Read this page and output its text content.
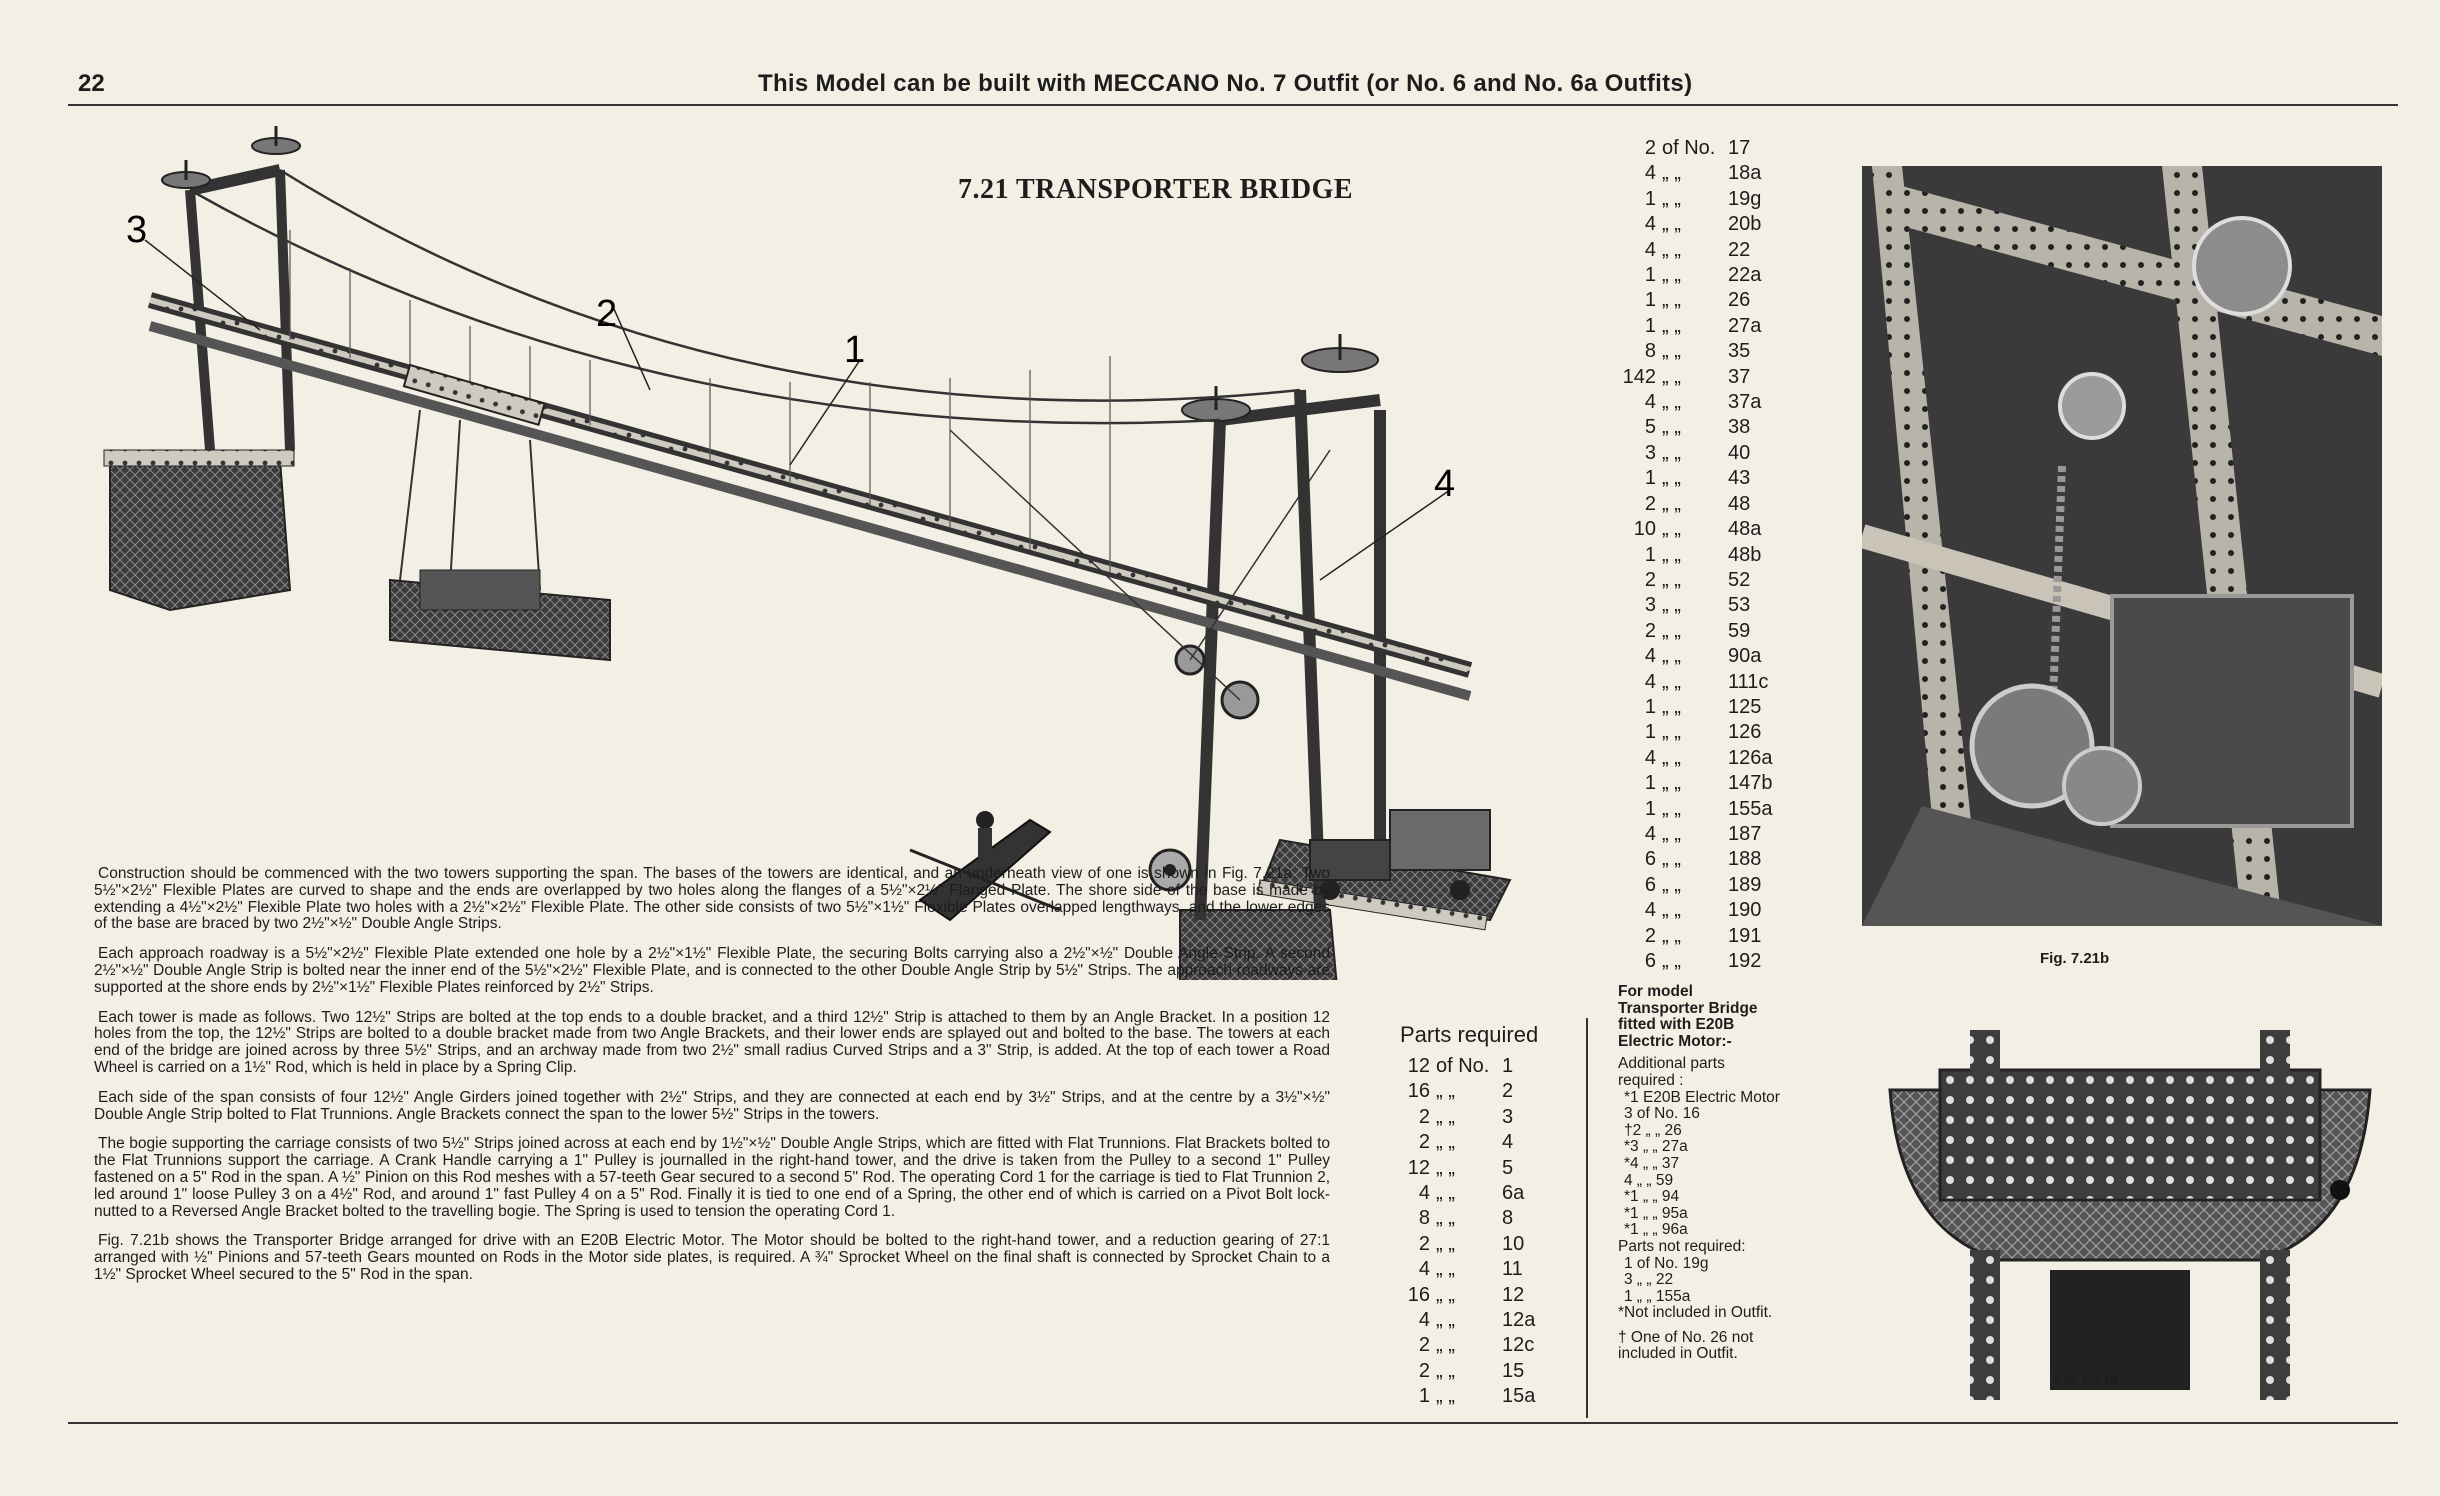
22	This Model can be built with MECCANO No. 7 Outfit (or No. 6 and No. 6a Outfits)
7.21 TRANSPORTER BRIDGE
3
2
1
4

Construction should be commenced with the two towers supporting the span. The bases of the towers are identical, and an underneath view of one is shown in Fig. 7.21a. Two 5½"×2½" Flexible Plates are curved to shape and the ends are overlapped by two holes along the flanges of a 5½"×2½" Flanged Plate. The shore side of the base is made by extending a 4½"×2½" Flexible Plate two holes with a 2½"×2½" Flexible Plate. The other side consists of two 5½"×1½" Flexible Plates overlapped lengthways, and the lower edges of the base are braced by two 2½"×½" Double Angle Strips.

Each approach roadway is a 5½"×2½" Flexible Plate extended one hole by a 2½"×1½" Flexible Plate, the securing Bolts carrying also a 2½"×½" Double Angle Strip. A second 2½"×½" Double Angle Strip is bolted near the inner end of the 5½"×2½" Flexible Plate, and is connected to the other Double Angle Strip by 5½" Strips. The approach roadways are supported at the shore ends by 2½"×1½" Flexible Plates reinforced by 2½" Strips.

Each tower is made as follows. Two 12½" Strips are bolted at the top ends to a double bracket, and a third 12½" Strip is attached to them by an Angle Bracket. In a position 12 holes from the top, the 12½" Strips are bolted to a double bracket made from two Angle Brackets, and their lower ends are splayed out and bolted to the base. The towers at each end of the bridge are joined across by three 5½" Strips, and an archway made from two 2½" small radius Curved Strips and a 3" Strip, is added. At the top of each tower a Road Wheel is carried on a 1½" Rod, which is held in place by a Spring Clip.

Each side of the span consists of four 12½" Angle Girders joined together with 2½" Strips, and they are connected at each end by 3½" Strips, and at the centre by a 3½"×½" Double Angle Strip bolted to Flat Trunnions. Angle Brackets connect the span to the lower 5½" Strips in the towers.

The bogie supporting the carriage consists of two 5½" Strips joined across at each end by 1½"×½" Double Angle Strips, which are fitted with Flat Trunnions. Flat Brackets bolted to the Flat Trunnions support the carriage. A Crank Handle carrying a 1" Pulley is journalled in the right-hand tower, and the drive is taken from the Pulley to a second 1" Pulley fastened on a 5" Rod in the span. A ½" Pinion on this Rod meshes with a 57-teeth Gear secured to a second 5" Rod. The operating Cord 1 for the carriage is tied to Flat Trunnion 2, led around 1" loose Pulley 3 on a 4½" Rod, and around 1" fast Pulley 4 on a 5" Rod. Finally it is tied to one end of a Spring, the other end of which is carried on a Pivot Bolt lock-nutted to a Reversed Angle Bracket bolted to the travelling bogie. The Spring is used to tension the operating Cord 1.

Fig. 7.21b shows the Transporter Bridge arranged for drive with an E20B Electric Motor. The Motor should be bolted to the right-hand tower, and a reduction gearing of 27:1 arranged with ½" Pinions and 57-teeth Gears mounted on Rods in the Motor side plates, is required. A ¾" Sprocket Wheel on the final shaft is connected by Sprocket Chain to a 1½" Sprocket Wheel secured to the 5" Rod in the span.

Parts required
12 of No. 1
16 „ „	2
2 „ „	3
2 „ „	4
12 „ „	5
4 „ „	6a
8 „ „	8
2 „ „	10
4 „ „	11
16 „ „	12
4 „ „	12a
2 „ „	12c
2 „ „	15
1 „ „	15a
2 of No. 17
4 „ „	18a
1 „ „	19g
4 „ „	20b
4 „ „	22
1 „ „	22a
1 „ „	26
1 „ „	27a
8 „ „	35
142 „ „	37
4 „ „	37a
5 „ „	38
3 „ „	40
1 „ „	43
2 „ „	48
10 „ „	48a
1 „ „	48b
2 „ „	52
3 „ „	53
2 „ „	59
4 „ „	90a
4 „ „	111c
1 „ „	125
1 „ „	126
4 „ „	126a
1 „ „	147b
1 „ „	155a
4 „ „	187
6 „ „	188
6 „ „	189
4 „ „	190
2 „ „	191
6 „ „	192
For model Transporter Bridge fitted with E20B Electric Motor:-
Additional parts required :
*1 E20B Electric Motor
3 of No. 16
†2 „ „ 26
*3 „ „ 27a
*4 „ „ 37
4 „ „ 59
*1 „ „ 94
*1 „ „ 95a
*1 „ „ 96a
Parts not required:
1 of No. 19g
3 „ „ 22
1 „ „ 155a
*Not included in Outfit.
† One of No. 26 not included in Outfit.
Fig. 7.21b
Fig 7.21a
